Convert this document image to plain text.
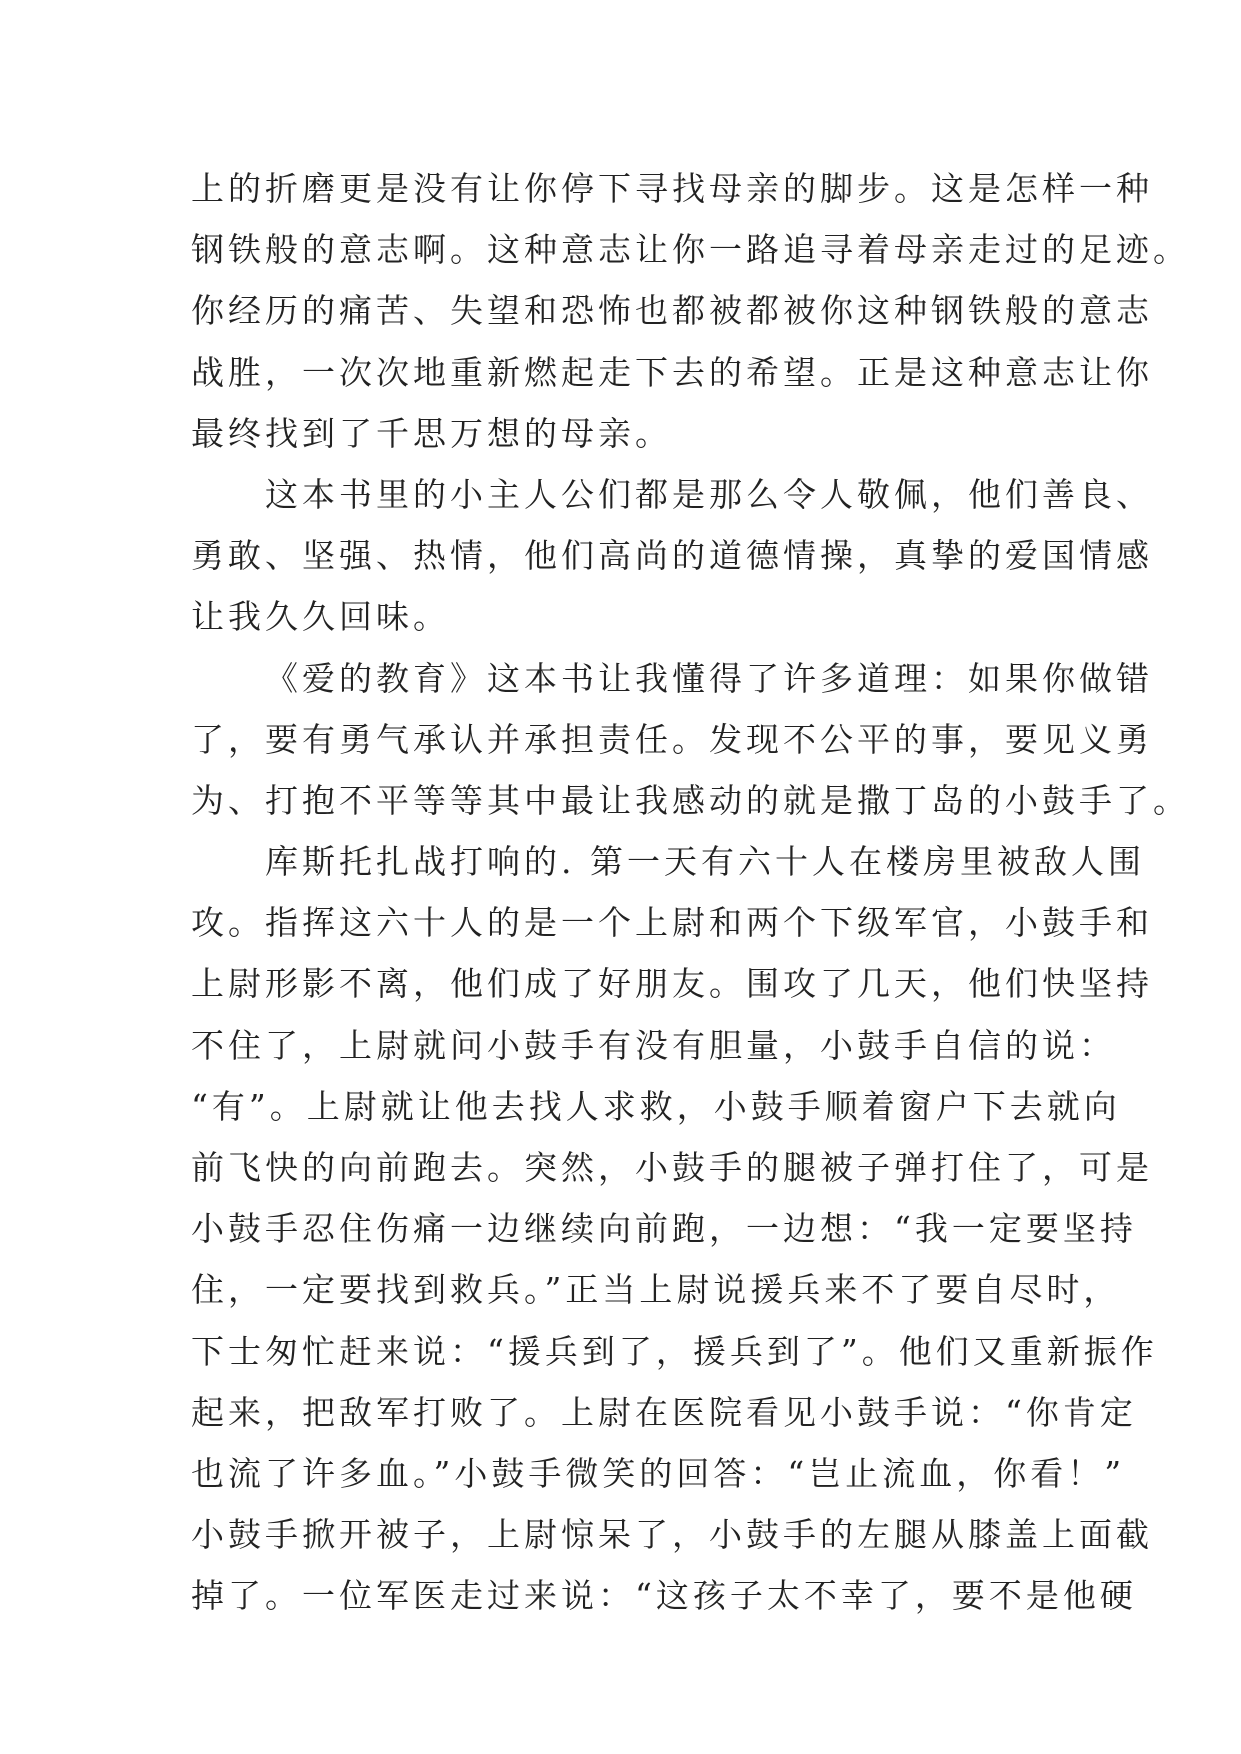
上的折磨更是没有让你停下寻找母亲的脚步。这是怎样一种
钢铁般的意志啊。这种意志让你一路追寻着母亲走过的足迹。
你经历的痛苦、失望和恐怖也都被都被你这种钢铁般的意志
战胜，一次次地重新燃起走下去的希望。正是这种意志让你
最终找到了千思万想的母亲。
这本书里的小主人公们都是那么令人敬佩，他们善良、
勇敢、坚强、热情，他们高尚的道德情操，真挚的爱国情感
让我久久回味。
《爱的教育》这本书让我懂得了许多道理：如果你做错
了，要有勇气承认并承担责任。发现不公平的事，要见义勇
为、打抱不平等等其中最让我感动的就是撒丁岛的小鼓手了。
库斯托扎战打响的. 第一天有六十人在楼房里被敌人围
攻。指挥这六十人的是一个上尉和两个下级军官，小鼓手和
上尉形影不离，他们成了好朋友。围攻了几天，他们快坚持
不住了，上尉就问小鼓手有没有胆量，小鼓手自信的说：
“有”。上尉就让他去找人求救，小鼓手顺着窗户下去就向
前飞快的向前跑去。突然，小鼓手的腿被子弹打住了，可是
小鼓手忍住伤痛一边继续向前跑，一边想：“我一定要坚持
住，一定要找到救兵。”正当上尉说援兵来不了要自尽时，
下士匆忙赶来说：“援兵到了，援兵到了”。他们又重新振作
起来，把敌军打败了。上尉在医院看见小鼓手说：“你肯定
也流了许多血。”小鼓手微笑的回答：“岂止流血，你看！”
小鼓手掀开被子，上尉惊呆了，小鼓手的左腿从膝盖上面截
掉了。一位军医走过来说：“这孩子太不幸了，要不是他硬
